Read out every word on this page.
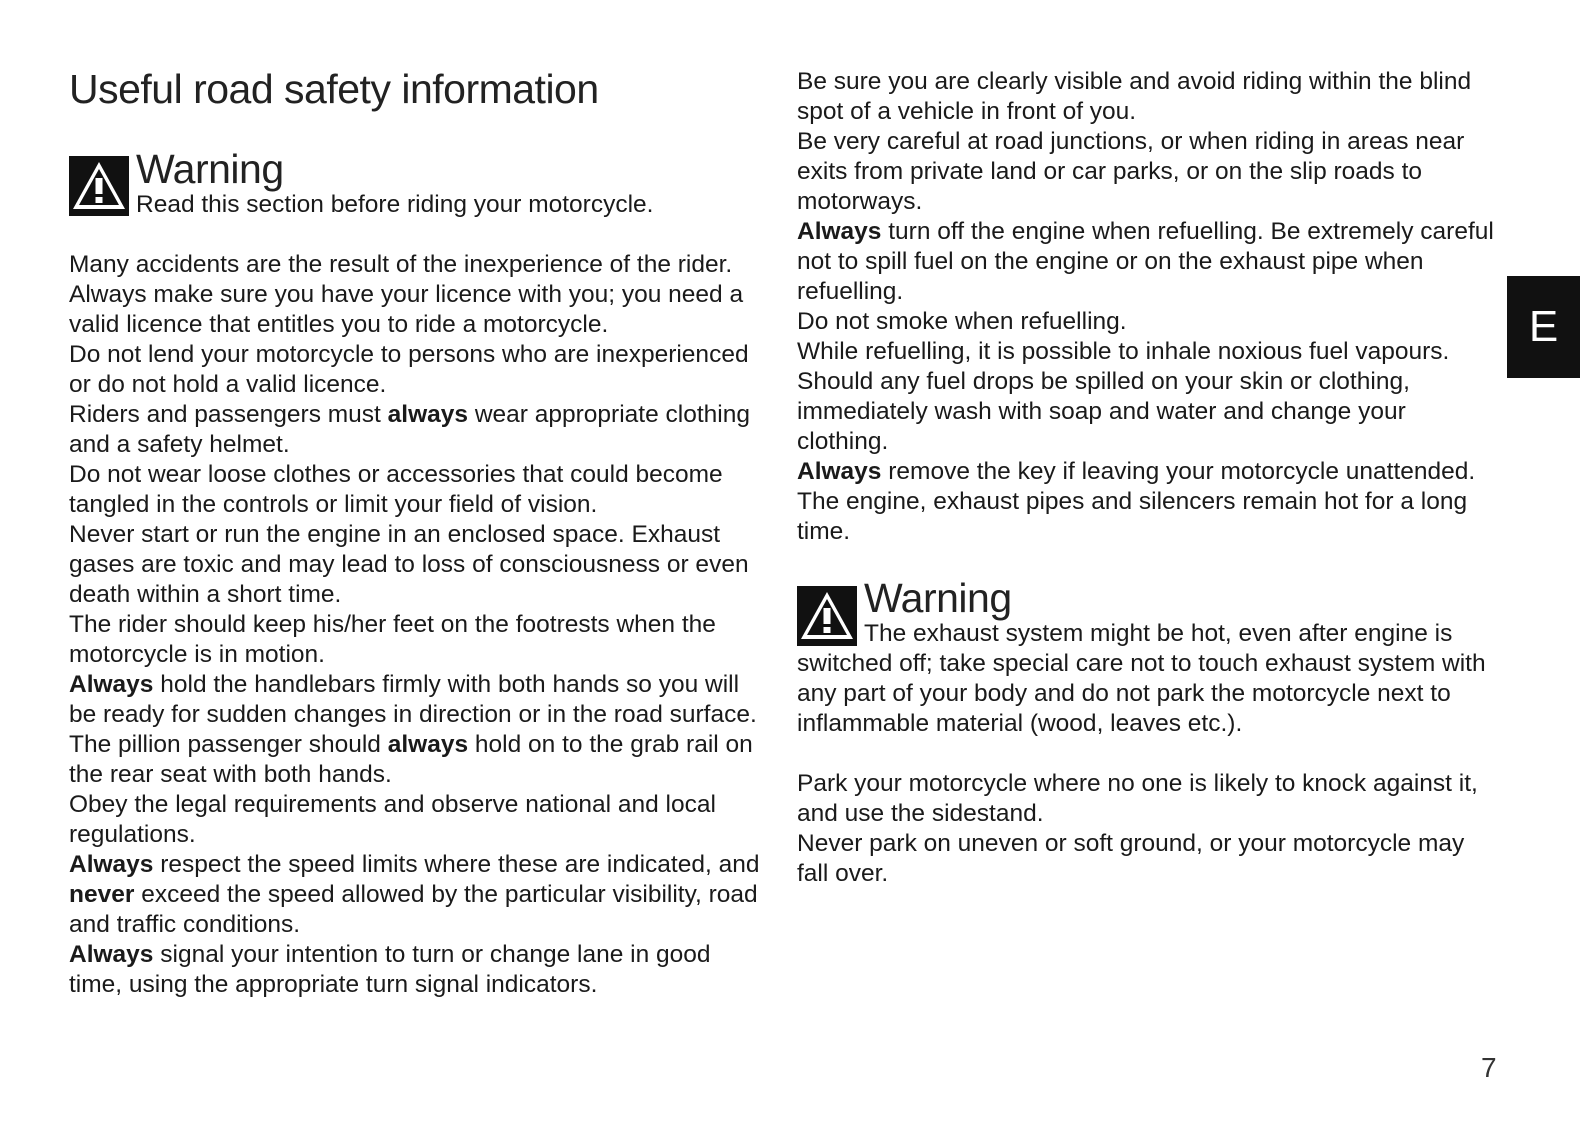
Useful road safety information
Warning

Read this section before riding your motorcycle.

Many accidents are the result of the inexperience of the rider. Always make sure you have your licence with you; you need a valid licence that entitles you to ride a motorcycle.

Do not lend your motorcycle to persons who are inexperienced or do not hold a valid licence.

Riders and passengers must always wear appropriate clothing and a safety helmet.

Do not wear loose clothes or accessories that could become tangled in the controls or limit your field of vision.

Never start or run the engine in an enclosed space. Exhaust gases are toxic and may lead to loss of consciousness or even death within a short time.

The rider should keep his/her feet on the footrests when the motorcycle is in motion.

Always hold the handlebars firmly with both hands so you will be ready for sudden changes in direction or in the road surface. The pillion passenger should always hold on to the grab rail on the rear seat with both hands.

Obey the legal requirements and observe national and local regulations.

Always respect the speed limits where these are indicated, and never exceed the speed allowed by the particular visibility, road and traffic conditions.

Always signal your intention to turn or change lane in good time, using the appropriate turn signal indicators.

Be sure you are clearly visible and avoid riding within the blind spot of a vehicle in front of you.

Be very careful at road junctions, or when riding in areas near exits from private land or car parks, or on the slip roads to motorways.

Always turn off the engine when refuelling. Be extremely careful not to spill fuel on the engine or on the exhaust pipe when refuelling.

Do not smoke when refuelling.

While refuelling, it is possible to inhale noxious fuel vapours. Should any fuel drops be spilled on your skin or clothing, immediately wash with soap and water and change your clothing.

Always remove the key if leaving your motorcycle unattended.

The engine, exhaust pipes and silencers remain hot for a long time.

Warning

The exhaust system might be hot, even after engine is switched off; take special care not to touch exhaust system with any part of your body and do not park the motorcycle next to inflammable material (wood, leaves etc.).

Park your motorcycle where no one is likely to knock against it, and use the sidestand.

Never park on uneven or soft ground, or your motorcycle may fall over.

E
7
